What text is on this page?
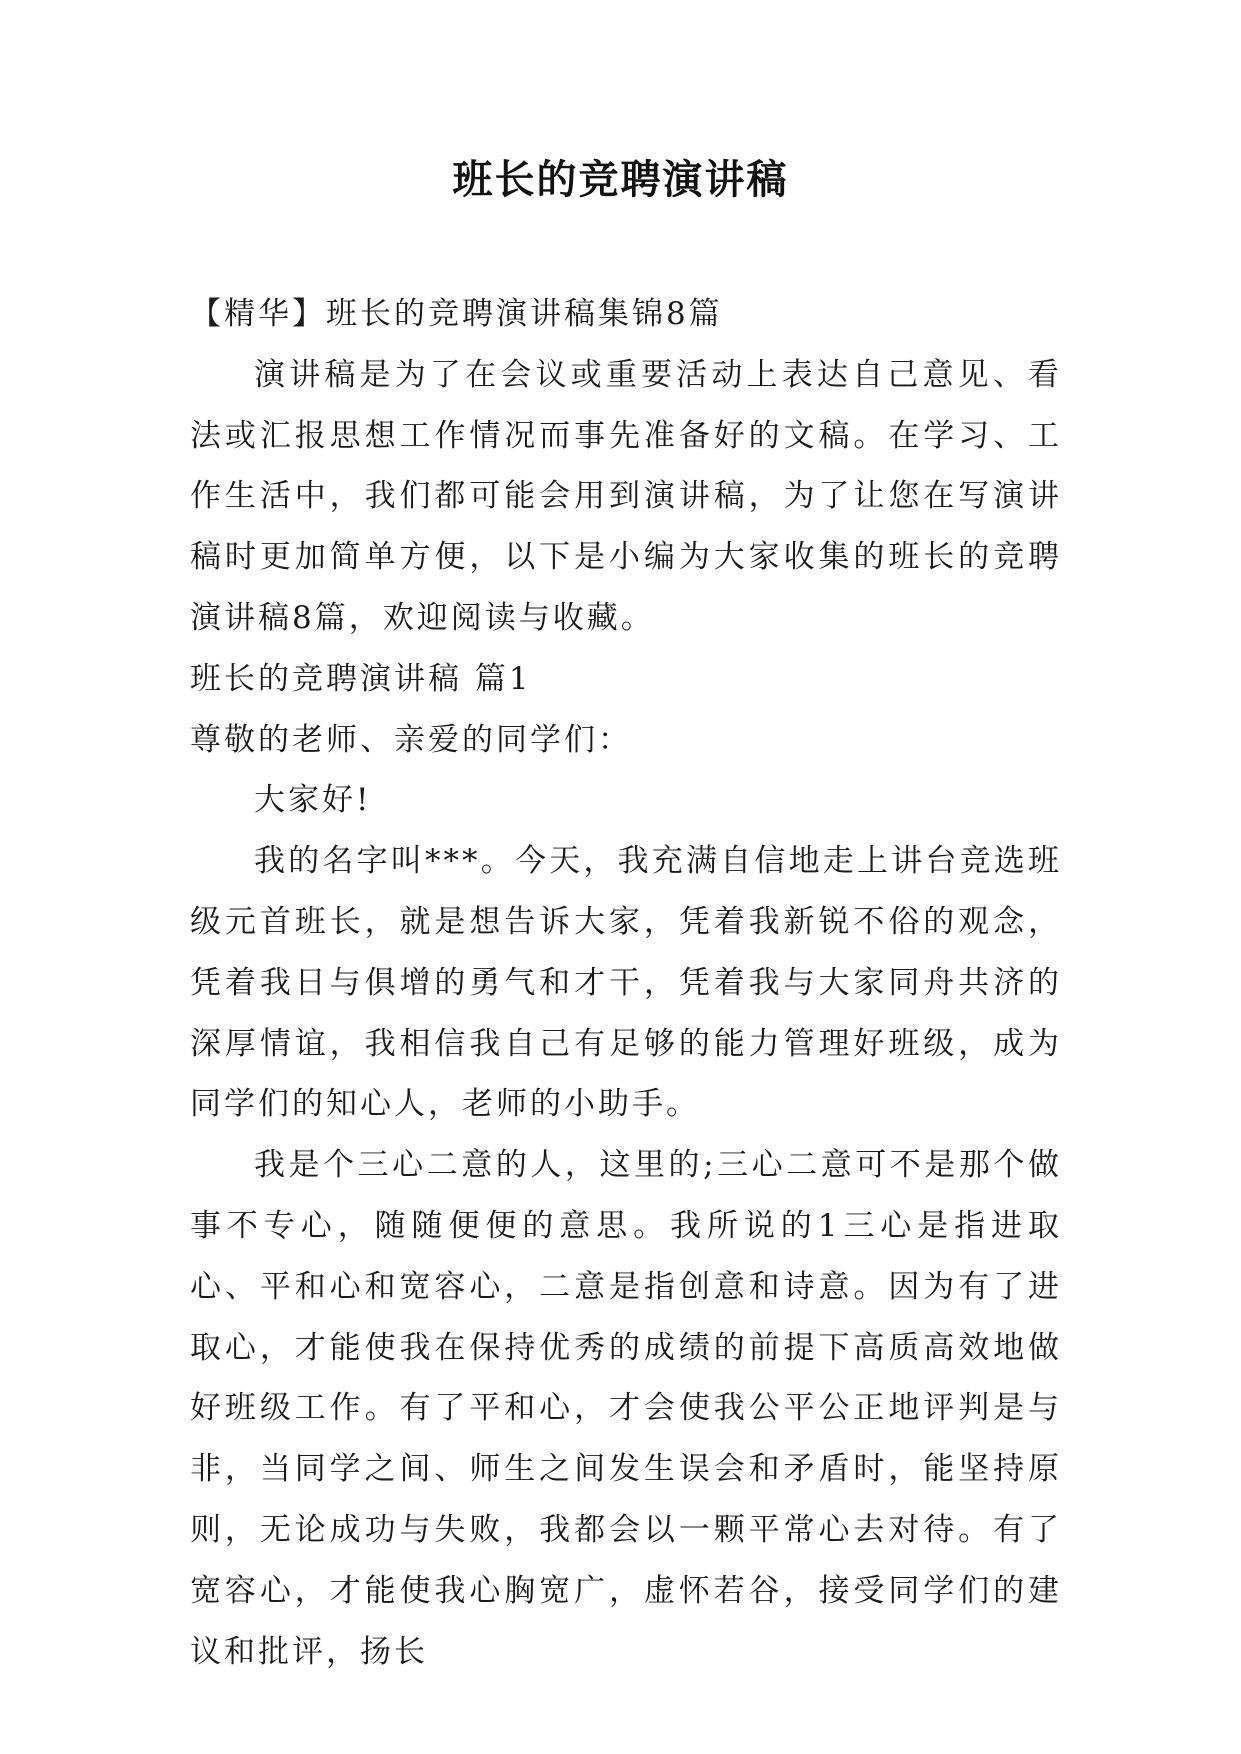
班长的竞聘演讲稿

【精华】班长的竞聘演讲稿集锦8篇

演讲稿是为了在会议或重要活动上表达自己意见、看法或汇报思想工作情况而事先准备好的文稿。在学习、工作生活中，我们都可能会用到演讲稿，为了让您在写演讲稿时更加简单方便，以下是小编为大家收集的班长的竞聘演讲稿8篇，欢迎阅读与收藏。

班长的竞聘演讲稿 篇1

尊敬的老师、亲爱的同学们：

大家好!

我的名字叫***。今天，我充满自信地走上讲台竞选班级元首班长，就是想告诉大家，凭着我新锐不俗的观念，凭着我日与俱增的勇气和才干，凭着我与大家同舟共济的深厚情谊，我相信我自己有足够的能力管理好班级，成为同学们的知心人，老师的小助手。

我是个三心二意的人，这里的;三心二意可不是那个做事不专心，随随便便的意思。我所说的1三心是指进取心、平和心和宽容心，二意是指创意和诗意。因为有了进取心，才能使我在保持优秀的成绩的前提下高质高效地做好班级工作。有了平和心，才会使我公平公正地评判是与非，当同学之间、师生之间发生误会和矛盾时，能坚持原则，无论成功与失败，我都会以一颗平常心去对待。有了宽容心，才能使我心胸宽广，虚怀若谷，接受同学们的建议和批评，扬长
